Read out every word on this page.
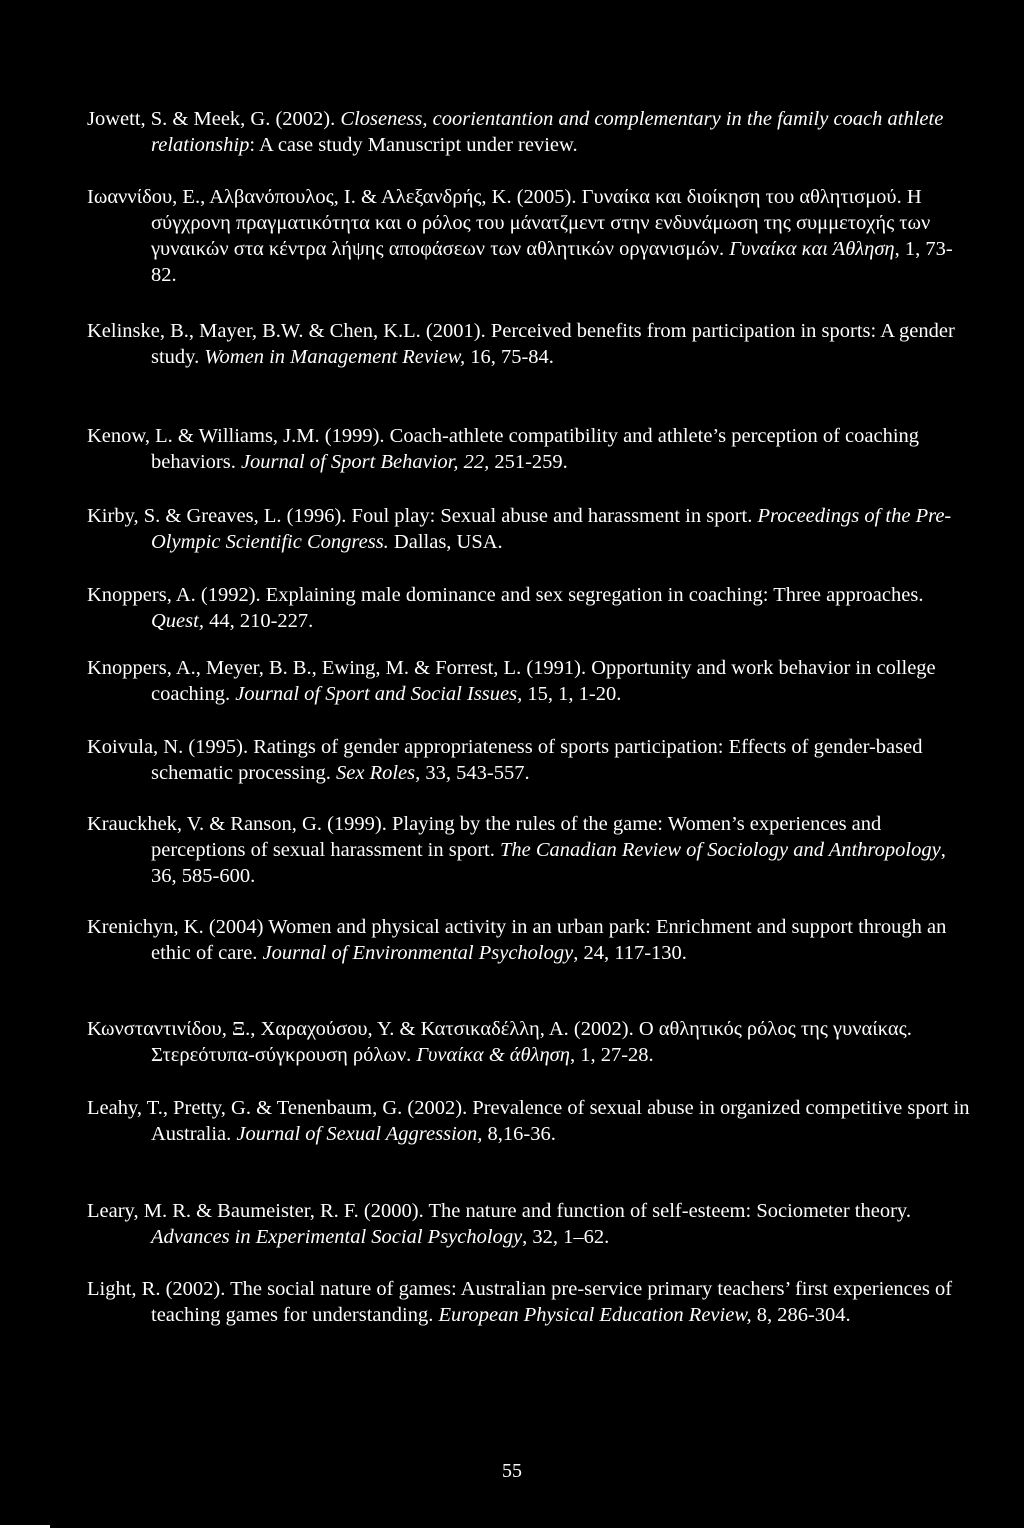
Jowett, S. & Meek, G. (2002). Closeness, coorientantion and complementary in the family coach athlete relationship: A case study Manuscript under review.

Ιωαννίδου, Ε., Αλβανόπουλος, Ι. & Αλεξανδρής, Κ. (2005). Γυναίκα και διοίκηση του αθλητισμού. Η σύγχρονη πραγματικότητα και ο ρόλος του μάνατζμεντ στην ενδυνάμωση της συμμετοχής των γυναικών στα κέντρα λήψης αποφάσεων των αθλητικών οργανισμών. Γυναίκα και Άθληση, 1, 73-82.

Kelinske, B., Mayer, B.W. & Chen, K.L. (2001). Perceived benefits from participation in sports: A gender study. Women in Management Review, 16, 75-84.

Kenow, L. & Williams, J.M. (1999). Coach-athlete compatibility and athlete’s perception of coaching behaviors. Journal of Sport Behavior, 22, 251-259.

Kirby, S. & Greaves, L. (1996). Foul play: Sexual abuse and harassment in sport. Proceedings of the Pre- Olympic Scientific Congress. Dallas, USA.

Knoppers, A. (1992). Explaining male dominance and sex segregation in coaching: Three approaches. Quest, 44, 210-227.

Knoppers, A., Meyer, B. B., Ewing, M. & Forrest, L. (1991). Opportunity and work behavior in college coaching. Journal of Sport and Social Issues, 15, 1, 1-20.

Koivula, N. (1995). Ratings of gender appropriateness of sports participation: Effects of gender-based schematic processing. Sex Roles, 33, 543-557.

Krauckhek, V. & Ranson, G. (1999). Playing by the rules of the game: Women’s experiences and perceptions of sexual harassment in sport. The Canadian Review of Sociology and Anthropology, 36, 585-600.

Krenichyn, K. (2004) Women and physical activity in an urban park: Enrichment and support through an ethic of care. Journal of Environmental Psychology, 24, 117-130.

Κωνσταντινίδου, Ξ., Χαραχούσου, Υ. & Κατσικαδέλλη, Α. (2002). Ο αθλητικός ρόλος της γυναίκας. Στερεότυπα-σύγκρουση ρόλων. Γυναίκα & άθληση, 1, 27-28.

Leahy, T., Pretty, G. & Tenenbaum, G. (2002). Prevalence of sexual abuse in organized competitive sport in Australia. Journal of Sexual Aggression, 8,16-36.

Leary, M. R. & Baumeister, R. F. (2000). The nature and function of self-esteem: Sociometer theory. Advances in Experimental Social Psychology, 32, 1–62.

Light, R. (2002). The social nature of games: Australian pre-service primary teachers’ first experiences of teaching games for understanding. European Physical Education Review, 8, 286-304.

55
